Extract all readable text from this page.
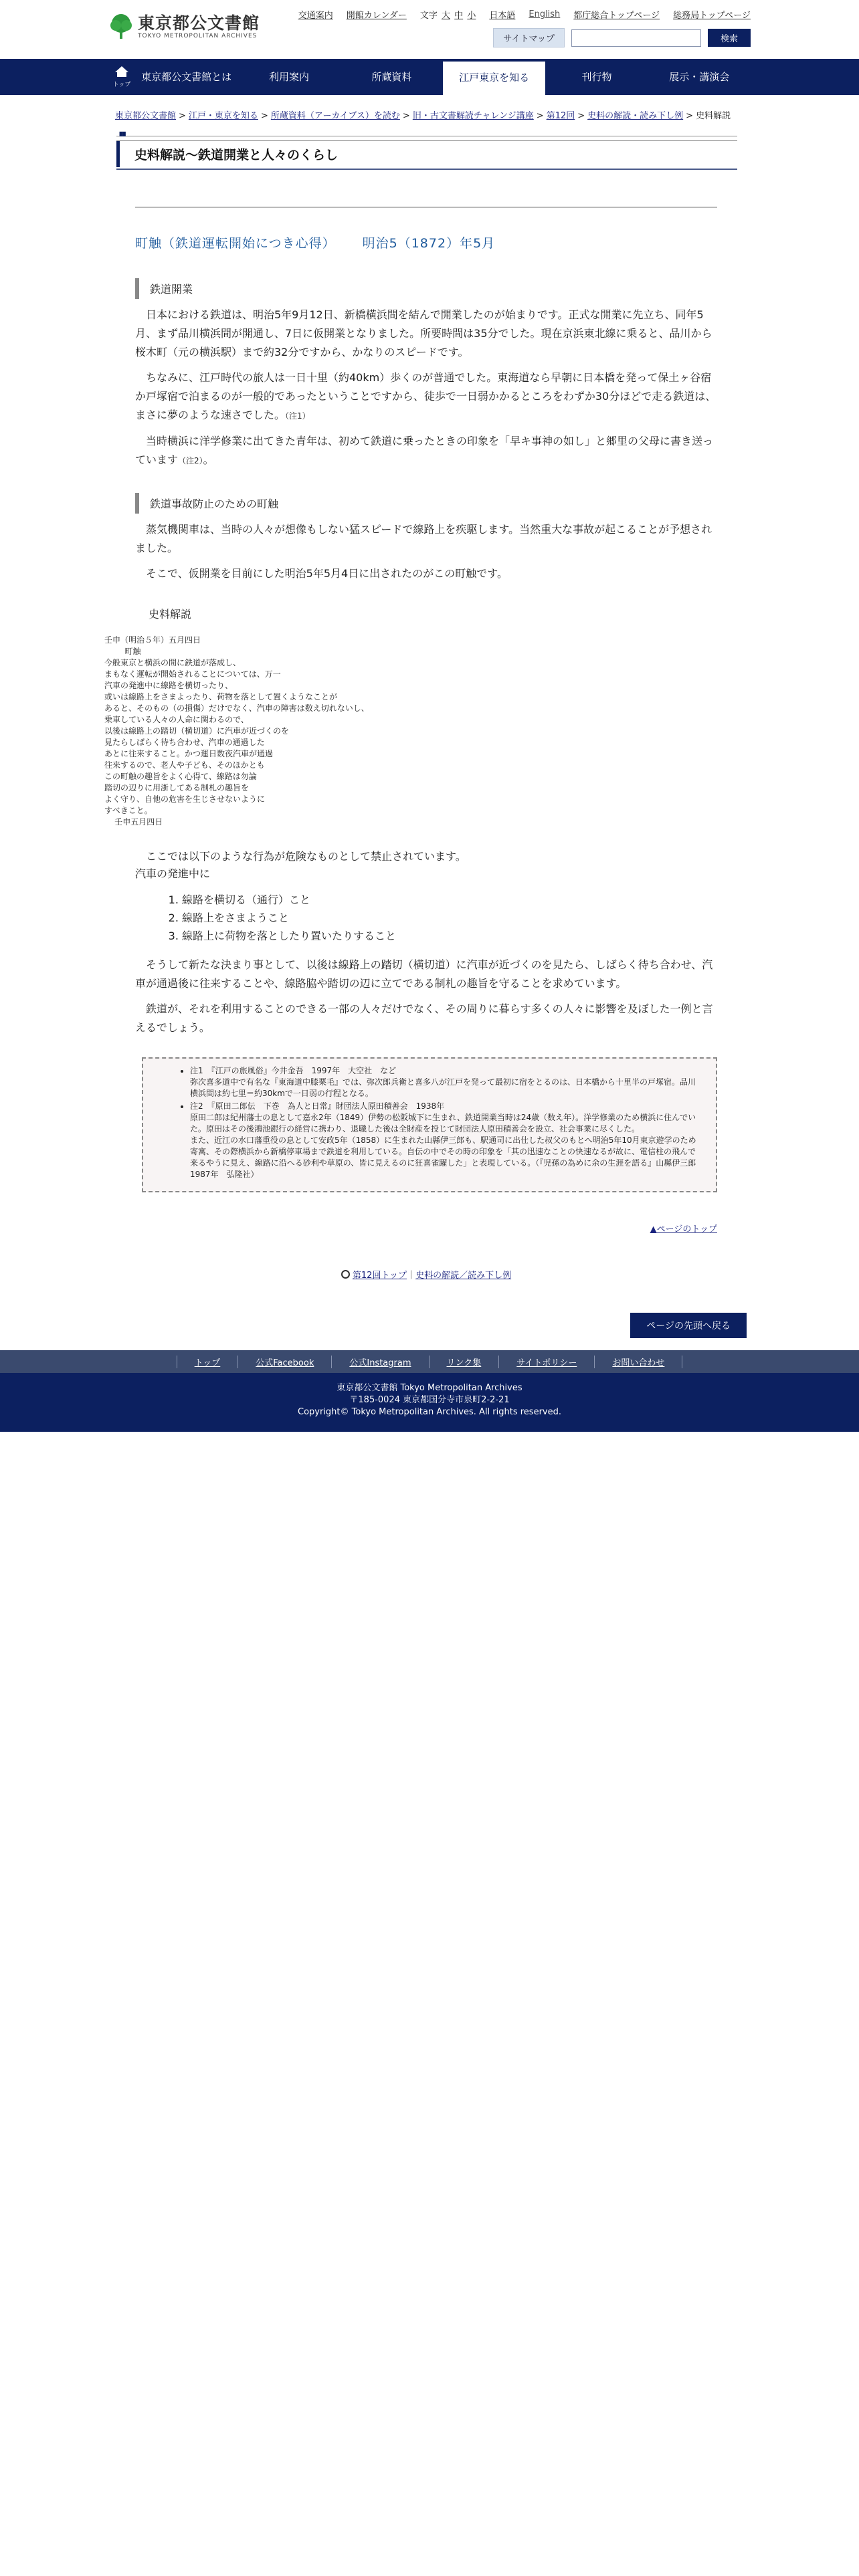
東京都公文書館
TOKYO METROPOLITAN ARCHIVES
交通案内 開館カレンダー 文字 大 中 小 日本語 English 都庁総合トップページ 総務局トップページ
サイトマップ	検索
トップ
東京都公文書館とは	利用案内	所蔵資料	江戸東京を知る	刊行物	展示・講演会
東京都公文書館 > 江戸・東京を知る > 所蔵資料（アーカイブス）を読む > 旧・古文書解読チャレンジ講座 > 第12回 > 史料の解読・読み下し例 > 史料解説
▝▘
史料解説～鉄道開業と人々のくらし
町触（鉄道運転開始につき心得） 明治5（1872）年5月
鉄道開業

日本における鉄道は、明治5年9月12日、新橋横浜間を結んで開業したのが始まりです。正式な開業に先立ち、同年5月、まず品川横浜間が開通し、7日に仮開業となりました。所要時間は35分でした。現在京浜東北線に乗ると、品川から桜木町（元の横浜駅）まで約32分ですから、かなりのスピードです。

ちなみに、江戸時代の旅人は一日十里（約40km）歩くのが普通でした。東海道なら早朝に日本橋を発って保土ヶ谷宿か戸塚宿で泊まるのが一般的であったということですから、徒歩で一日弱かかるところをわずか30分ほどで走る鉄道は、まさに夢のような速さでした。（注1）

当時横浜に洋学修業に出てきた青年は、初めて鉄道に乗ったときの印象を「早キ事神の如し」と郷里の父母に書き送っています（注2）。

鉄道事故防止のための町触

蒸気機関車は、当時の人々が想像もしない猛スピードで線路上を疾駆します。当然重大な事故が起こることが予想されました。

そこで、仮開業を目前にした明治5年5月4日に出されたのがこの町触です。

史料解説
壬申（明治５年）五月四日
町触
今般東京と横浜の間に鉄道が落成し、
まもなく運転が開始されることについては、万一
汽車の発進中に線路を横切ったり、
或いは線路上をさまよったり、荷物を落として置くようなことが
あると、そのもの（の損傷）だけでなく、汽車の障害は数え切れないし、
乗車している人々の人命に関わるので、
以後は線路上の踏切（横切道）に汽車が近づくのを
見たらしばらく待ち合わせ、汽車の通過した
あとに往来すること。かつ運日数夜汽車が通過
往来するので、老人や子ども、そのほかとも
この町触の趣旨をよく心得て、線路は勿論
踏切の辺りに用浙してある制札の趣旨を
よく守り、自他の危害を生じさせないように
すべきこと。
壬申五月四日
ここでは以下のような行為が危険なものとして禁止されています。
汽車の発進中に
1. 線路を横切る（通行）こと
2. 線路上をさまようこと
3. 線路上に荷物を落としたり置いたりすること

そうして新たな決まり事として、以後は線路上の踏切（横切道）に汽車が近づくのを見たら、しばらく待ち合わせ、汽車が通過後に往来することや、線路脇や踏切の辺に立てである制札の趣旨を守ることを求めています。

鉄道が、それを利用することのできる一部の人々だけでなく、その周りに暮らす多くの人々に影響を及ぼした一例と言えるでしょう。

• 注1　『江戸の旅風俗』今井金吾　1997年　大空社　など
弥次喜多道中で有名な『東海道中膝栗毛』では、弥次郎兵衛と喜多八が江戸を発って最初に宿をとるのは、日本橋から十里半の戸塚宿。品川横浜間は約七里＝約30kmで一日弱の行程となる。
• 注2　『原田二郎伝　下巻　為人と日常』財団法人原田積善会　1938年
原田二郎は紀州藩士の息として嘉永2年（1849）伊勢の松阪城下に生まれ、鉄道開業当時は24歳（数え年）。洋学修業のため横浜に住んでいた。原田はその後鴻池銀行の経営に携わり、退職した後は全財産を投じて財団法人原田積善会を設立、社会事業に尽くした。
また、近江の水口藩重役の息として安政5年（1858）に生まれた山縣伊三郎も、駅通司に出仕した叔父のもとへ明治5年10月東京遊学のため寄寓、その際横浜から新橋停車場まで鉄道を利用している。自伝の中でその時の印象を「其の迅速なことの快速なるが故に、電信柱の飛んで来るやうに見え、線路に沿へる砂利や草原の、皆に見えるのに狂喜雀躍した」と表現している。（『児孫の為めに余の生涯を語る』山縣伊三郎　1987年　弘隆社）
▲ページのトップ
第12回トップ｜史料の解読／読み下し例
ページの先頭へ戻る
トップ	公式Facebook	公式Instagram	リンク集	サイトポリシー	お問い合わせ
東京都公文書館 Tokyo Metropolitan Archives
〒185-0024 東京都国分寺市泉町2-2-21
Copyright© Tokyo Metropolitan Archives. All rights reserved.
